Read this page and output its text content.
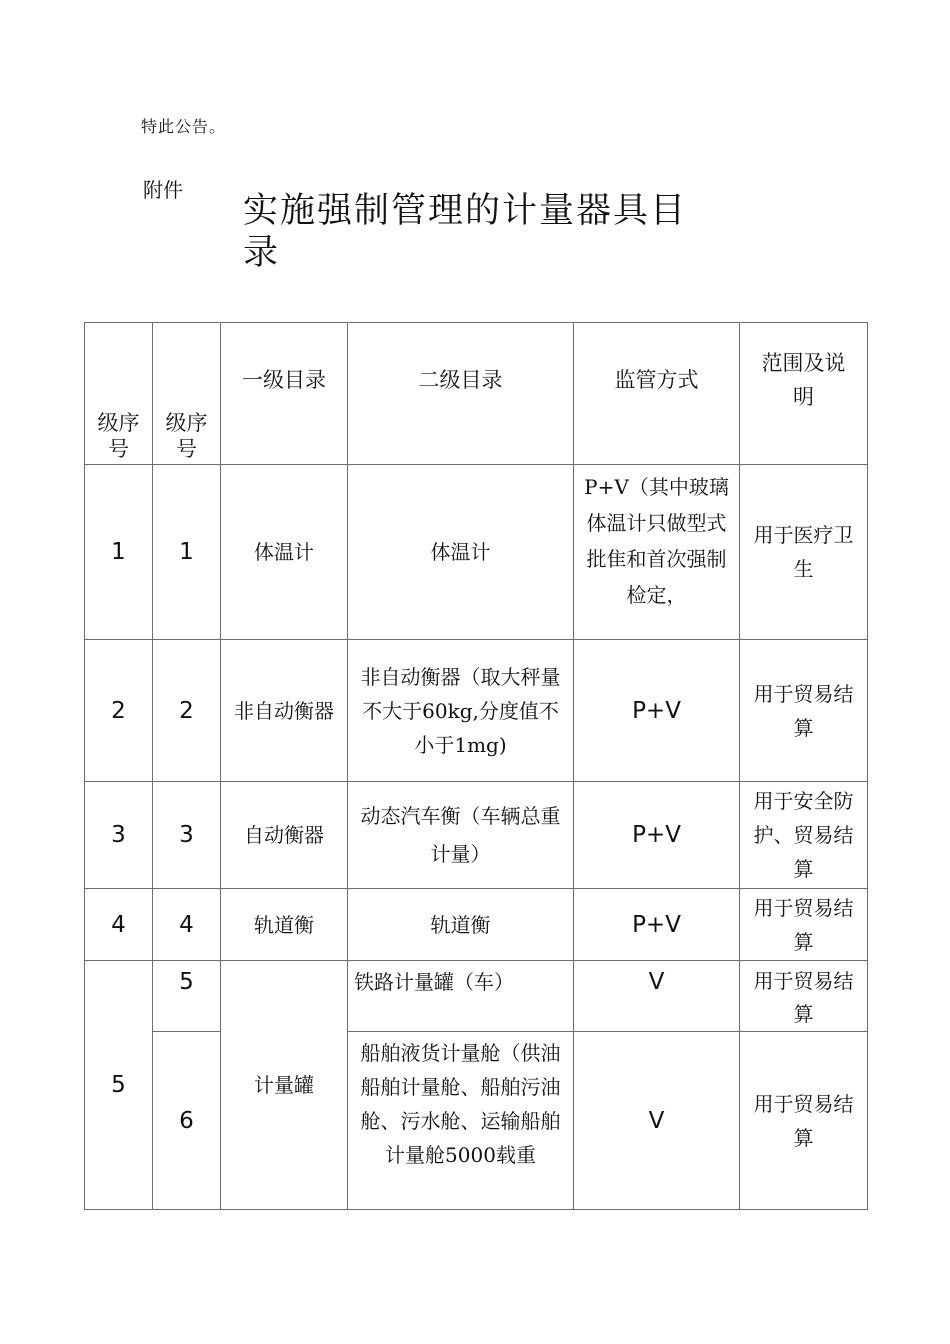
特此公告。
附件
实施强制管理的计量器具目录
级序号	级序号	一级目录	二级目录	监管方式	范围及说明
1	1	体温计	体温计	P+V（其中玻璃体温计只做型式批隹和首次强制检定，	用于医疗卫生
2	2	非自动衡器	非自动衡器（取大秤量不大于60kg,分度值不小于1mg)	P+V	用于贸易结算
3	3	自动衡器	动态汽车衡（车辆总重计量）	P+V	用于安全防护、贸易结算
4	4	轨道衡	轨道衡	P+V	用于贸易结算
5	5	计量罐	铁路计量罐（车）	V	用于贸易结算
	6		船舶液货计量舱（供油船舶计量舱、船舶污油舱、污水舱、运输船舶计量舱5000载重	V	用于贸易结算
